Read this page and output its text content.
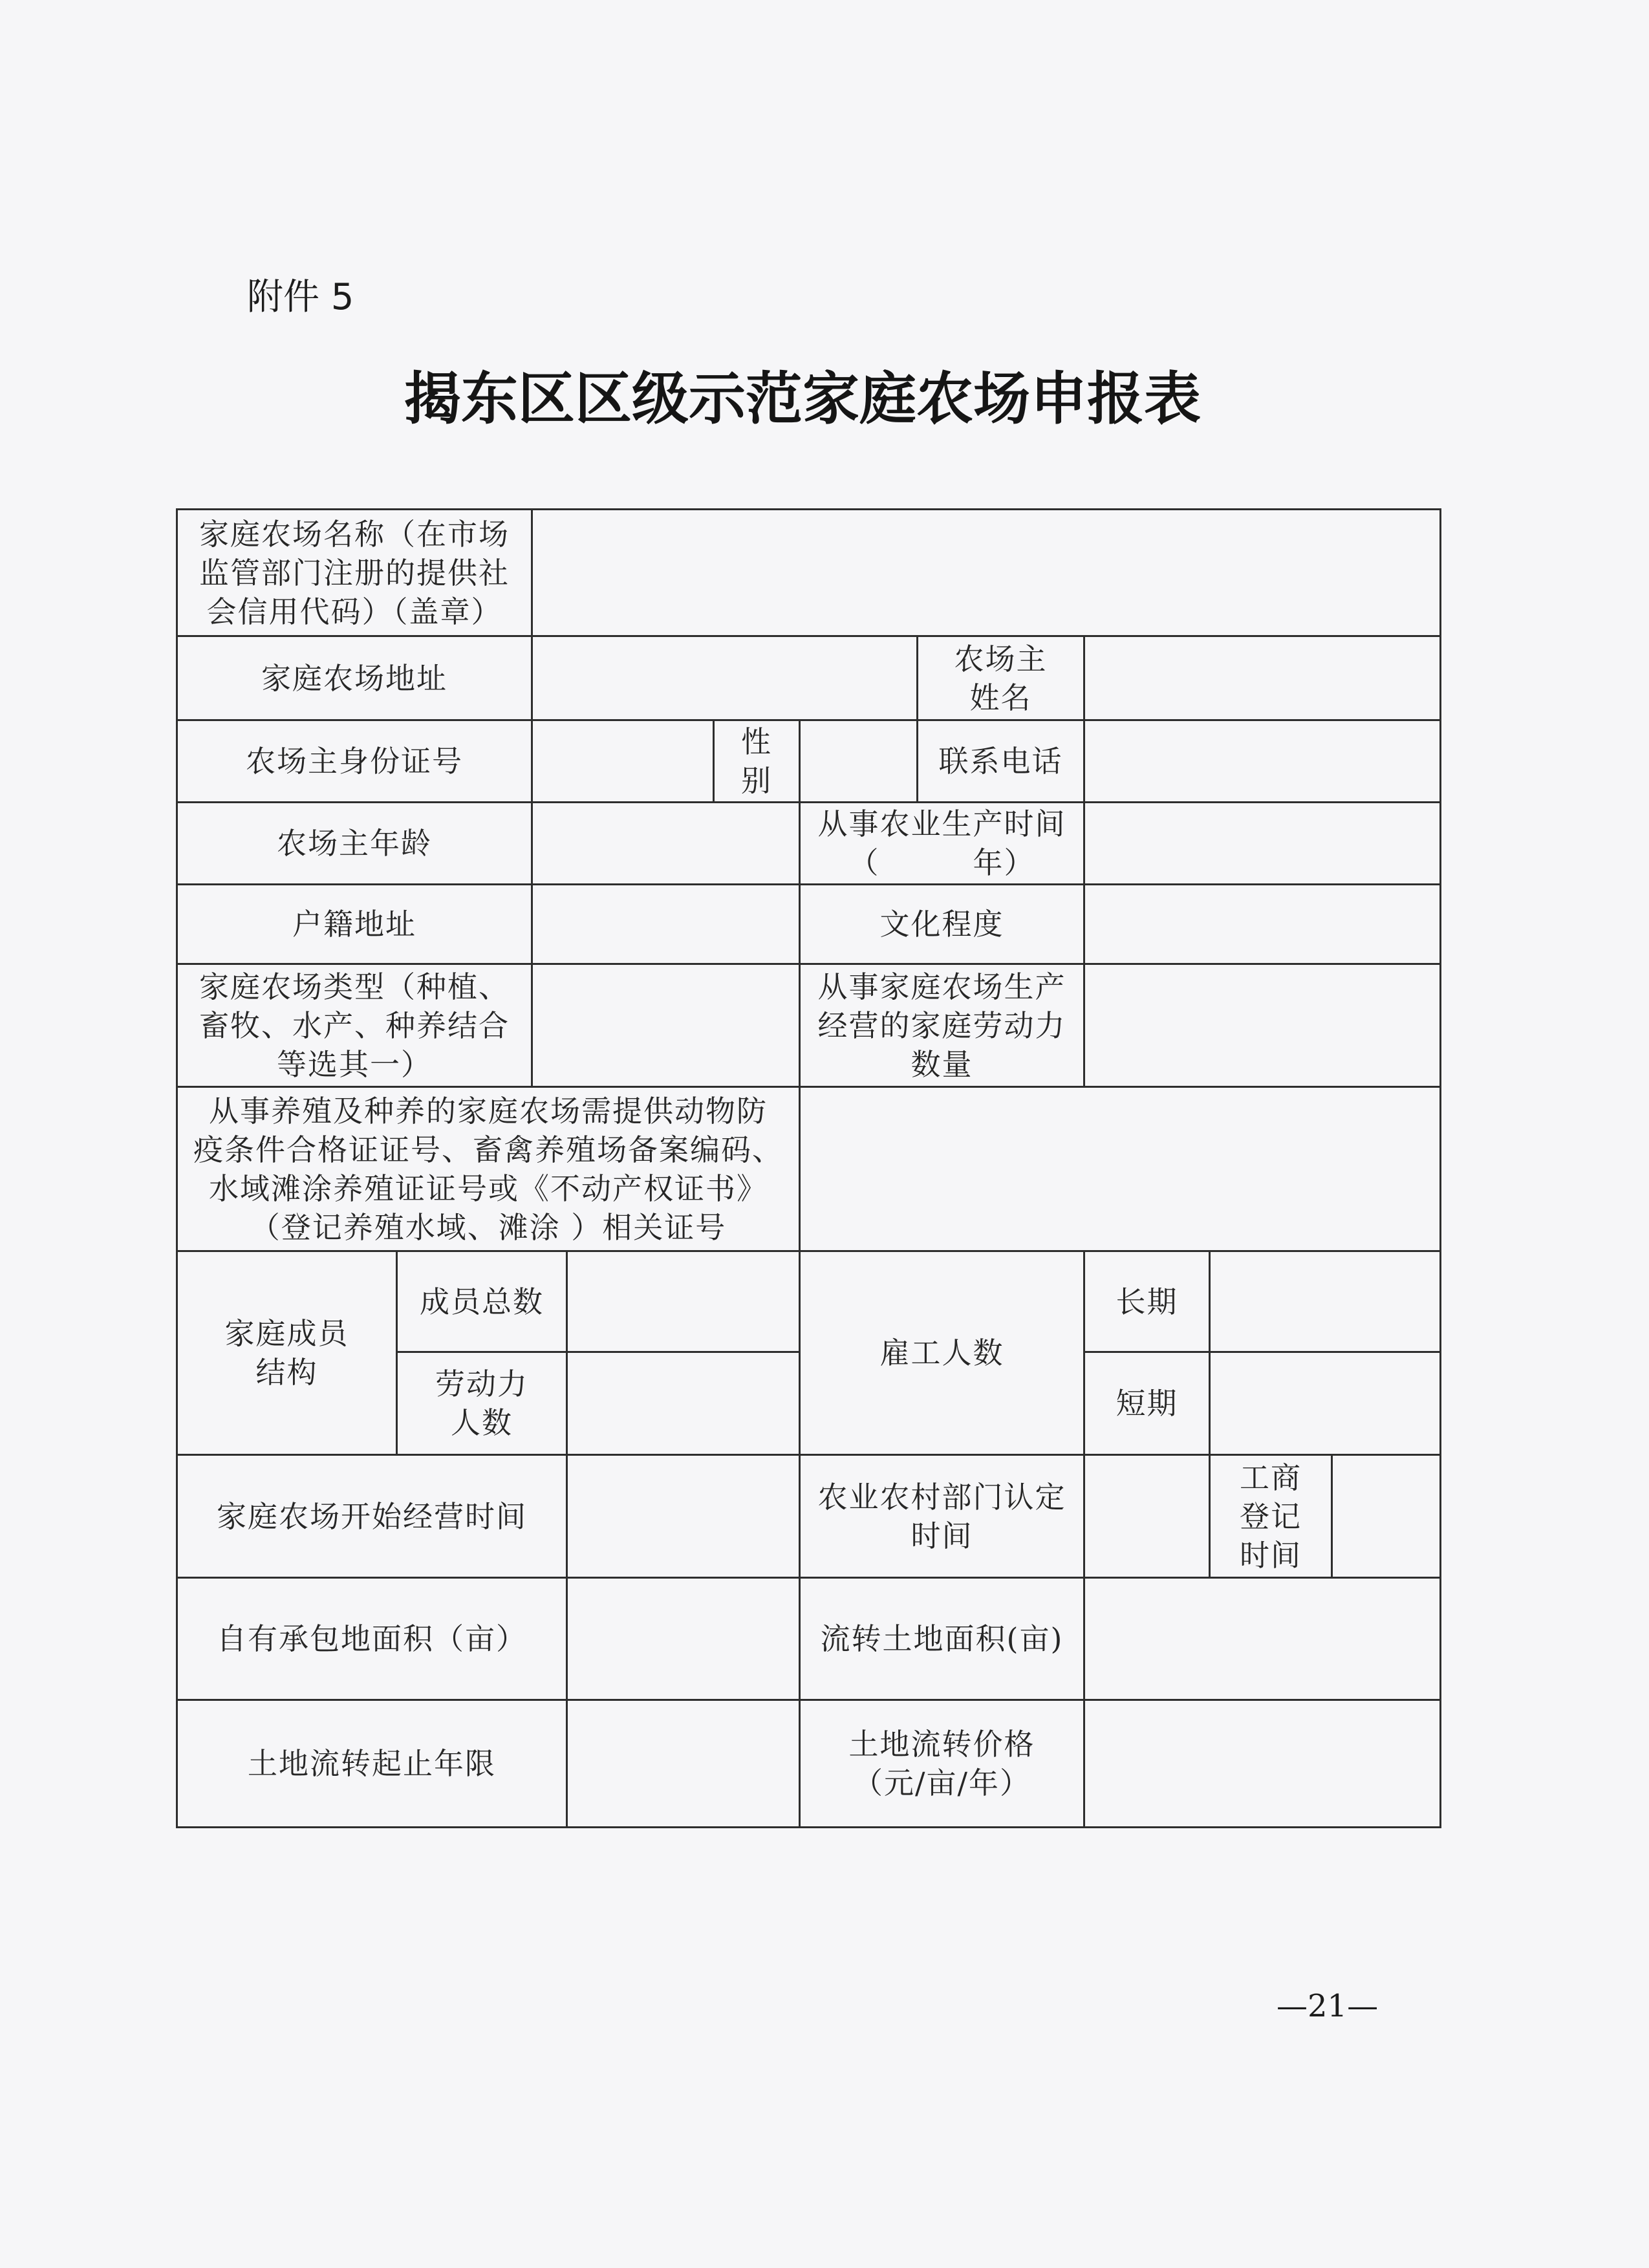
附件 5
揭东区区级示范家庭农场申报表
家庭农场名称（在市场
监管部门注册的提供社
会信用代码）（盖章）
家庭农场地址
农场主
姓名
农场主身份证号
性
别
联系电话
农场主年龄
从事农业生产时间
（　　　年）
户籍地址	文化程度
家庭农场类型（种植、
畜牧、水产、种养结合
等选其一）
从事家庭农场生产
经营的家庭劳动力
数量
从事养殖及种养的家庭农场需提供动物防
疫条件合格证证号、畜禽养殖场备案编码、
水域滩涂养殖证证号或《不动产权证书》
（登记养殖水域、滩涂 ）相关证号
家庭成员
结构
成员总数
劳动力
人数
雇工人数
长期
短期
家庭农场开始经营时间
农业农村部门认定
时间
工商
登记
时间
自有承包地面积（亩）	流转土地面积(亩)
土地流转起止年限
土地流转价格
（元/亩/年）
—21—
